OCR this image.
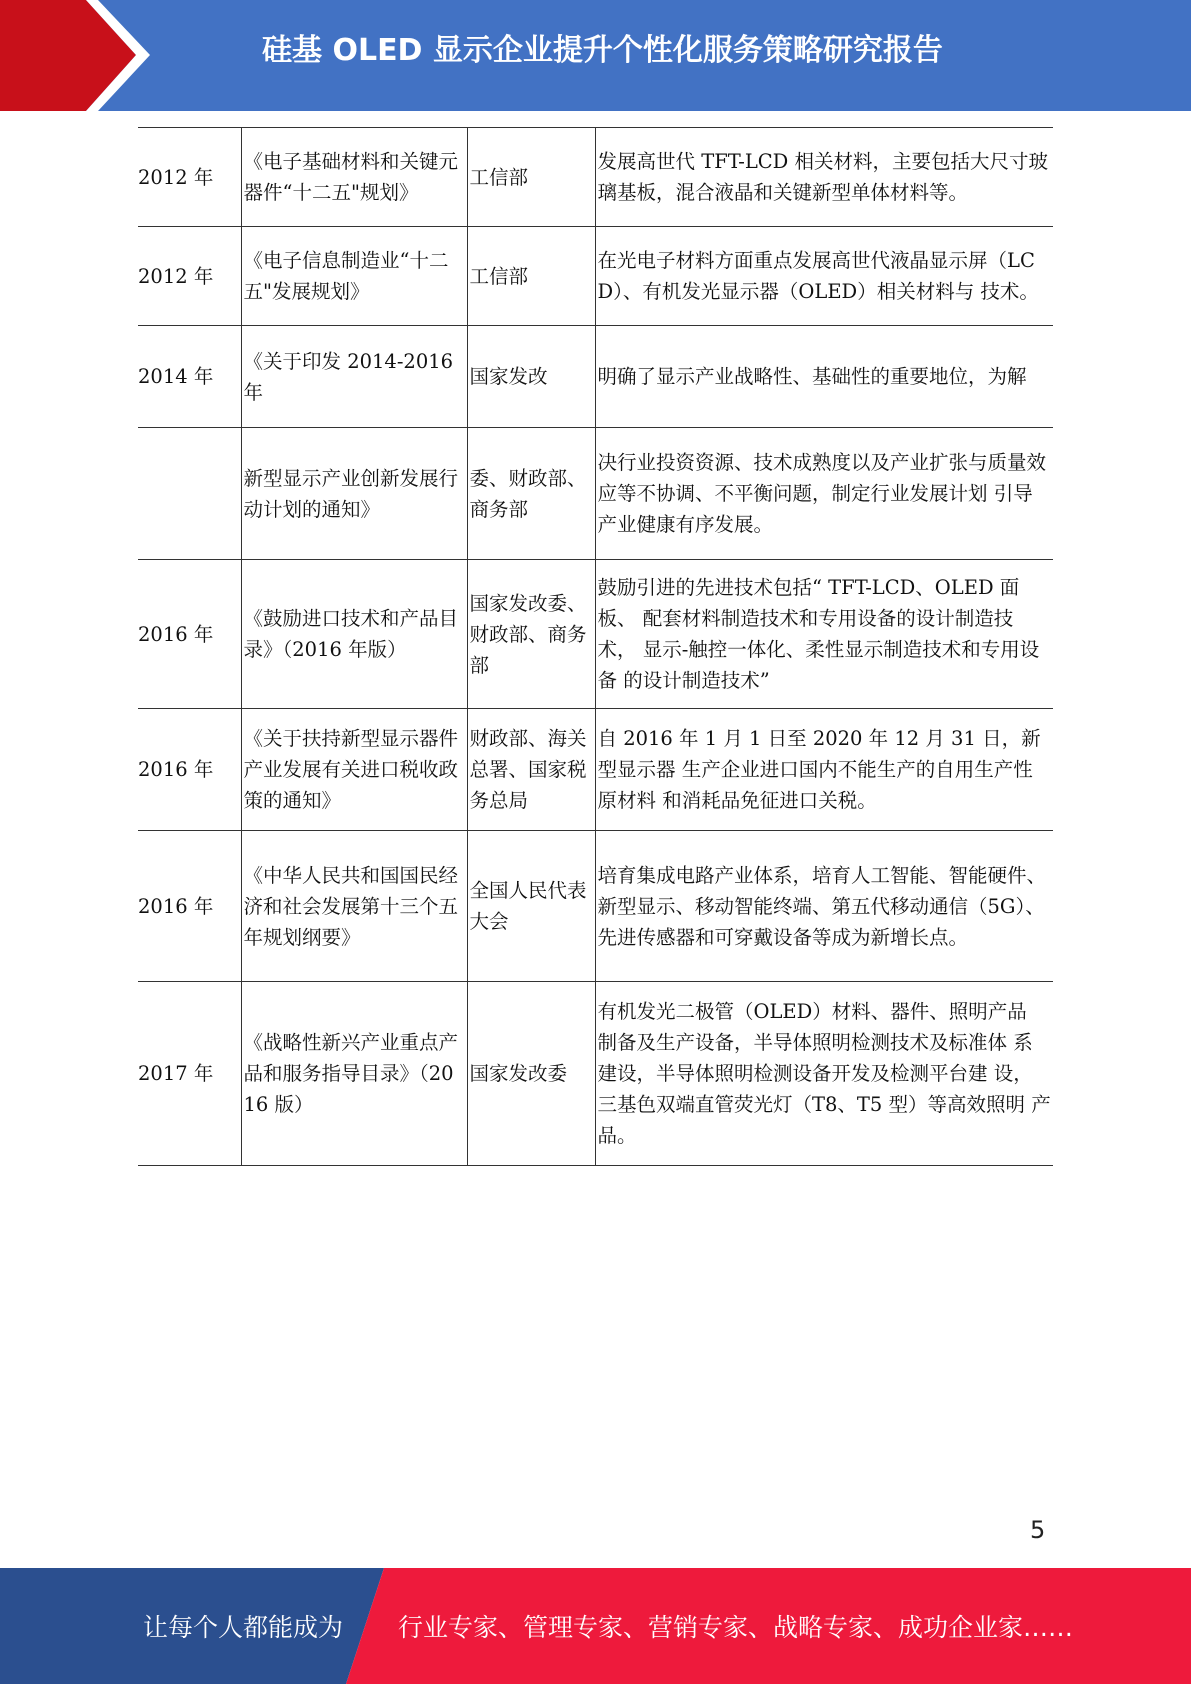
硅基 OLED 显示企业提升个性化服务策略研究报告
2012 年	《电子基础材料和关键元器件“十二五"规划》	工信部	发展高世代 TFT-LCD 相关材料，主要包括大尺寸玻璃基板，混合液晶和关键新型单体材料等。
2012 年	《电子信息制造业“十二五"发展规划》	工信部	在光电子材料方面重点发展高世代液晶显示屏（LCD）、有机发光显示器（OLED）相关材料与 技术。
2014 年	《关于印发 2014-2016 年	国家发改	明确了显示产业战略性、基础性的重要地位，为解
	新型显示产业创新发展行动计划的通知》	委、财政部、商务部	决行业投资资源、技术成熟度以及产业扩张与质量效应等不协调、不平衡问题，制定行业发展计划 引导产业健康有序发展。
2016 年	《鼓励进口技术和产品目录》（2016 年版）	国家发改委、财政部、商务部	鼓励引进的先进技术包括“ TFT-LCD、OLED 面板、 配套材料制造技术和专用设备的设计制造技术， 显示-触控一体化、柔性显示制造技术和专用设备 的设计制造技术”
2016 年	《关于扶持新型显示器件产业发展有关进口税收政策的通知》	财政部、海关总署、国家税务总局	自 2016 年 1 月 1 日至 2020 年 12 月 31 日，新型显示器 生产企业进口国内不能生产的自用生产性原材料 和消耗品免征进口关税。
2016 年	《中华人民共和国国民经济和社会发展第十三个五年规划纲要》	全国人民代表大会	培育集成电路产业体系，培育人工智能、智能硬件、新型显示、移动智能终端、第五代移动通信（5G）、先进传感器和可穿戴设备等成为新增长点。
2017 年	《战略性新兴产业重点产品和服务指导目录》（2016 版）	国家发改委	有机发光二极管（OLED）材料、器件、照明产品 制备及生产设备，半导体照明检测技术及标准体 系建设，半导体照明检测设备开发及检测平台建 设，三基色双端直管荧光灯（T8、T5 型）等高效照明 产品。
5
让每个人都能成为 行业专家、管理专家、营销专家、战略专家、成功企业家……
